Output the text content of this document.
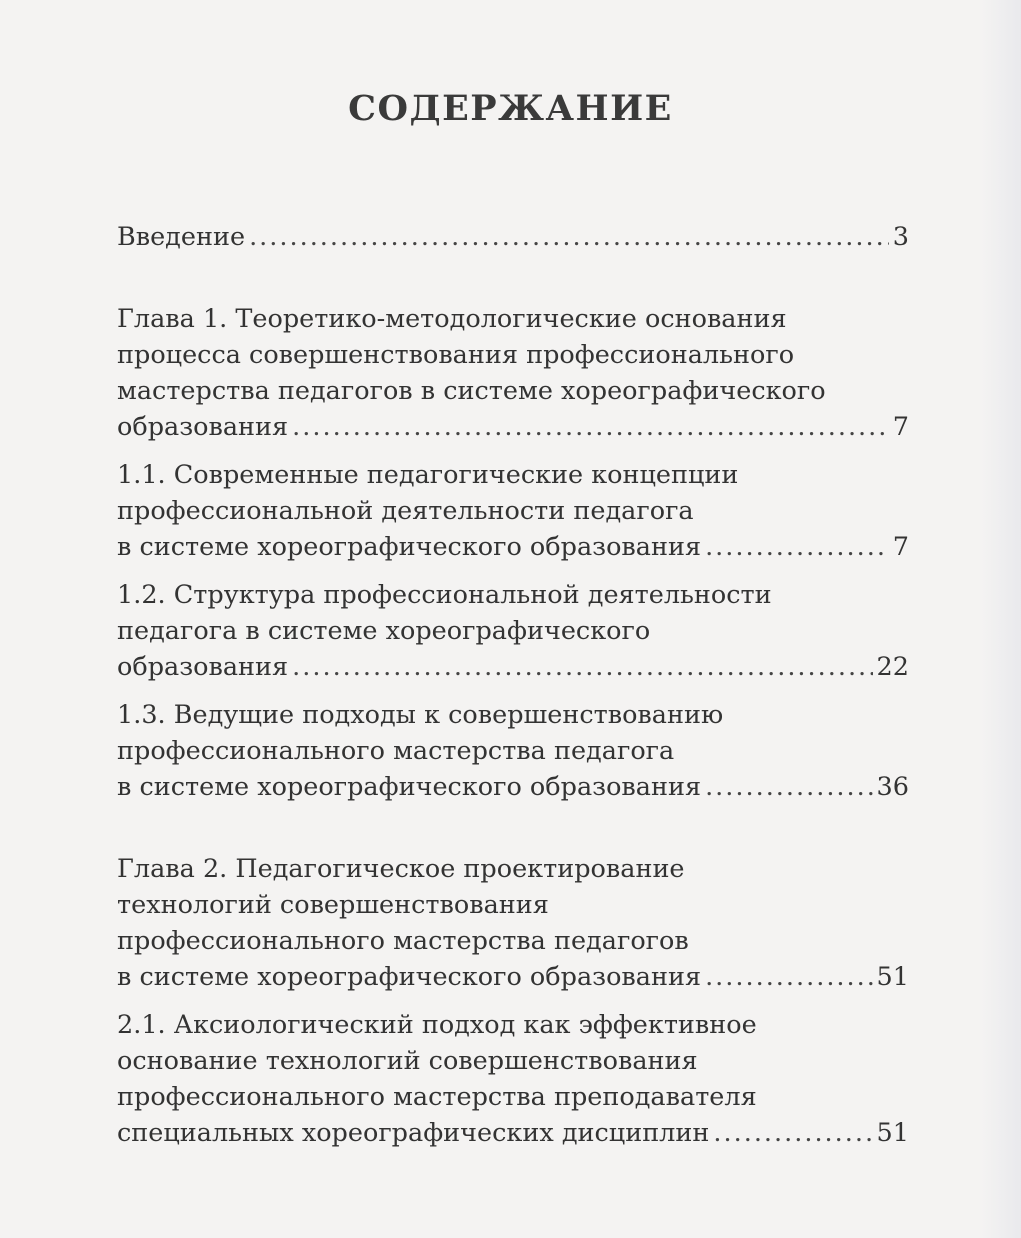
СОДЕРЖАНИЕ
Введение .....	3
Глава 1. Теоретико-методологические основания
процесса совершенствования профессионального
мастерства педагогов в системе хореографического
образования .....	7
1.1. Современные педагогические концепции
профессиональной деятельности педагога
в системе хореографического образования .....	7
1.2. Структура профессиональной деятельности
педагога в системе хореографического
образования .....	22
1.3. Ведущие подходы к совершенствованию
профессионального мастерства педагога
в системе хореографического образования .....	36
Глава 2. Педагогическое проектирование
технологий совершенствования
профессионального мастерства педагогов
в системе хореографического образования .....	51
2.1. Аксиологический подход как эффективное
основание технологий совершенствования
профессионального мастерства преподавателя
специальных хореографических дисциплин .....	51
